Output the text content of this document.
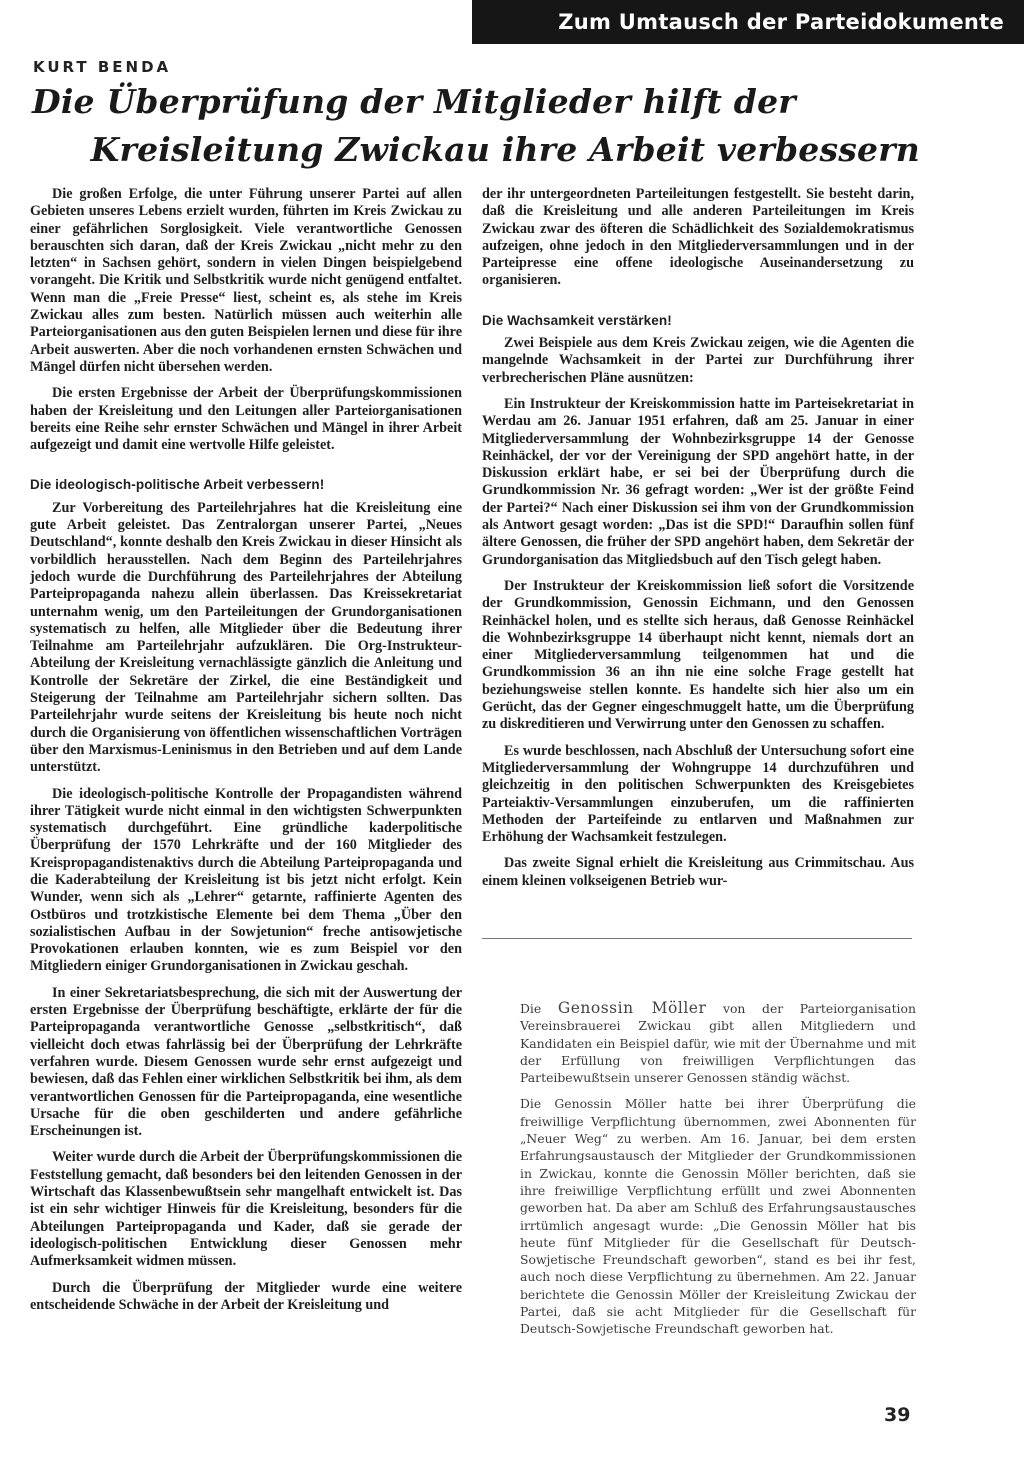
Zum Umtausch der Parteidokumente
KURT BENDA
Die Überprüfung der Mitglieder hilft der
Kreisleitung Zwickau ihre Arbeit verbessern

Die großen Erfolge, die unter Führung unserer Partei auf allen Gebieten unseres Lebens erzielt wurden, führten im Kreis Zwickau zu einer gefährlichen Sorglosigkeit. Viele verantwortliche Genossen berauschten sich daran, daß der Kreis Zwickau „nicht mehr zu den letzten“ in Sachsen gehört, sondern in vielen Dingen beispielgebend vorangeht. Die Kritik und Selbstkritik wurde nicht genügend entfaltet. Wenn man die „Freie Presse“ liest, scheint es, als stehe im Kreis Zwickau alles zum besten. Natürlich müssen auch weiterhin alle Parteiorganisationen aus den guten Beispielen lernen und diese für ihre Arbeit auswerten. Aber die noch vorhandenen ernsten Schwächen und Mängel dürfen nicht übersehen werden.

Die ersten Ergebnisse der Arbeit der Überprüfungskommissionen haben der Kreisleitung und den Leitungen aller Parteiorganisationen bereits eine Reihe sehr ernster Schwächen und Mängel in ihrer Arbeit aufgezeigt und damit eine wertvolle Hilfe geleistet.

Die ideologisch-politische Arbeit verbessern!

Zur Vorbereitung des Parteilehrjahres hat die Kreisleitung eine gute Arbeit geleistet. Das Zentralorgan unserer Partei, „Neues Deutschland“, konnte deshalb den Kreis Zwickau in dieser Hinsicht als vorbildlich herausstellen. Nach dem Beginn des Parteilehrjahres jedoch wurde die Durchführung des Parteilehrjahres der Abteilung Parteipropaganda nahezu allein überlassen. Das Kreissekretariat unternahm wenig, um den Parteileitungen der Grundorganisationen systematisch zu helfen, alle Mitglieder über die Bedeutung ihrer Teilnahme am Parteilehrjahr aufzuklären. Die Org-Instrukteur-Abteilung der Kreisleitung vernachlässigte gänzlich die Anleitung und Kontrolle der Sekretäre der Zirkel, die eine Beständigkeit und Steigerung der Teilnahme am Parteilehrjahr sichern sollten. Das Parteilehrjahr wurde seitens der Kreisleitung bis heute noch nicht durch die Organisierung von öffentlichen wissenschaftlichen Vorträgen über den Marxismus-Leninismus in den Betrieben und auf dem Lande unterstützt.

Die ideologisch-politische Kontrolle der Propagandisten während ihrer Tätigkeit wurde nicht einmal in den wichtigsten Schwerpunkten systematisch durchgeführt. Eine gründliche kaderpolitische Überprüfung der 1570 Lehrkräfte und der 160 Mitglieder des Kreispropagandistenaktivs durch die Abteilung Parteipropaganda und die Kaderabteilung der Kreisleitung ist bis jetzt nicht erfolgt. Kein Wunder, wenn sich als „Lehrer“ getarnte, raffinierte Agenten des Ostbüros und trotzkistische Elemente bei dem Thema „Über den sozialistischen Aufbau in der Sowjetunion“ freche antisowjetische Provokationen erlauben konnten, wie es zum Beispiel vor den Mitgliedern einiger Grundorganisationen in Zwickau geschah.

In einer Sekretariatsbesprechung, die sich mit der Auswertung der ersten Ergebnisse der Überprüfung beschäftigte, erklärte der für die Parteipropaganda verantwortliche Genosse „selbstkritisch“, daß vielleicht doch etwas fahrlässig bei der Überprüfung der Lehrkräfte verfahren wurde. Diesem Genossen wurde sehr ernst aufgezeigt und bewiesen, daß das Fehlen einer wirklichen Selbstkritik bei ihm, als dem verantwortlichen Genossen für die Parteipropaganda, eine wesentliche Ursache für die oben geschilderten und andere gefährliche Erscheinungen ist.

Weiter wurde durch die Arbeit der Überprüfungskommissionen die Feststellung gemacht, daß besonders bei den leitenden Genossen in der Wirtschaft das Klassenbewußtsein sehr mangelhaft entwickelt ist. Das ist ein sehr wichtiger Hinweis für die Kreisleitung, besonders für die Abteilungen Parteipropaganda und Kader, daß sie gerade der ideologisch-politischen Entwicklung dieser Genossen mehr Aufmerksamkeit widmen müssen.

Durch die Überprüfung der Mitglieder wurde eine weitere entscheidende Schwäche in der Arbeit der Kreisleitung und

der ihr untergeordneten Parteileitungen festgestellt. Sie besteht darin, daß die Kreisleitung und alle anderen Parteileitungen im Kreis Zwickau zwar des öfteren die Schädlichkeit des Sozialdemokratismus aufzeigen, ohne jedoch in den Mitgliederversammlungen und in der Parteipresse eine offene ideologische Auseinandersetzung zu organisieren.

Die Wachsamkeit verstärken!

Zwei Beispiele aus dem Kreis Zwickau zeigen, wie die Agenten die mangelnde Wachsamkeit in der Partei zur Durchführung ihrer verbrecherischen Pläne ausnützen:

Ein Instrukteur der Kreiskommission hatte im Parteisekretariat in Werdau am 26. Januar 1951 erfahren, daß am 25. Januar in einer Mitgliederversammlung der Wohnbezirksgruppe 14 der Genosse Reinhäckel, der vor der Vereinigung der SPD angehört hatte, in der Diskussion erklärt habe, er sei bei der Überprüfung durch die Grundkommission Nr. 36 gefragt worden: „Wer ist der größte Feind der Partei?“ Nach einer Diskussion sei ihm von der Grundkommission als Antwort gesagt worden: „Das ist die SPD!“ Daraufhin sollen fünf ältere Genossen, die früher der SPD angehört haben, dem Sekretär der Grundorganisation das Mitgliedsbuch auf den Tisch gelegt haben.

Der Instrukteur der Kreiskommission ließ sofort die Vorsitzende der Grundkommission, Genossin Eichmann, und den Genossen Reinhäckel holen, und es stellte sich heraus, daß Genosse Reinhäckel die Wohnbezirksgruppe 14 überhaupt nicht kennt, niemals dort an einer Mitgliederversammlung teilgenommen hat und die Grundkommission 36 an ihn nie eine solche Frage gestellt hat beziehungsweise stellen konnte. Es handelte sich hier also um ein Gerücht, das der Gegner eingeschmuggelt hatte, um die Überprüfung zu diskreditieren und Verwirrung unter den Genossen zu schaffen.

Es wurde beschlossen, nach Abschluß der Untersuchung sofort eine Mitgliederversammlung der Wohngruppe 14 durchzuführen und gleichzeitig in den politischen Schwerpunkten des Kreisgebietes Parteiaktiv-Versammlungen einzuberufen, um die raffinierten Methoden der Parteifeinde zu entlarven und Maßnahmen zur Erhöhung der Wachsamkeit festzulegen.

Das zweite Signal erhielt die Kreisleitung aus Crimmitschau. Aus einem kleinen volkseigenen Betrieb wur-

Die Genossin Möller von der Parteiorganisation Vereinsbrauerei Zwickau gibt allen Mitgliedern und Kandidaten ein Beispiel dafür, wie mit der Übernahme und mit der Erfüllung von freiwilligen Verpflichtungen das Parteibewußtsein unserer Genossen ständig wächst.

Die Genossin Möller hatte bei ihrer Überprüfung die freiwillige Verpflichtung übernommen, zwei Abonnenten für „Neuer Weg“ zu werben. Am 16. Januar, bei dem ersten Erfahrungsaustausch der Mitglieder der Grundkommissionen in Zwickau, konnte die Genossin Möller berichten, daß sie ihre freiwillige Verpflichtung erfüllt und zwei Abonnenten geworben hat. Da aber am Schluß des Erfahrungsaustausches irrtümlich angesagt wurde: „Die Genossin Möller hat bis heute fünf Mitglieder für die Gesellschaft für Deutsch-Sowjetische Freundschaft geworben“, stand es bei ihr fest, auch noch diese Verpflichtung zu übernehmen. Am 22. Januar berichtete die Genossin Möller der Kreisleitung Zwickau der Partei, daß sie acht Mitglieder für die Gesellschaft für Deutsch-Sowjetische Freundschaft geworben hat.

39
